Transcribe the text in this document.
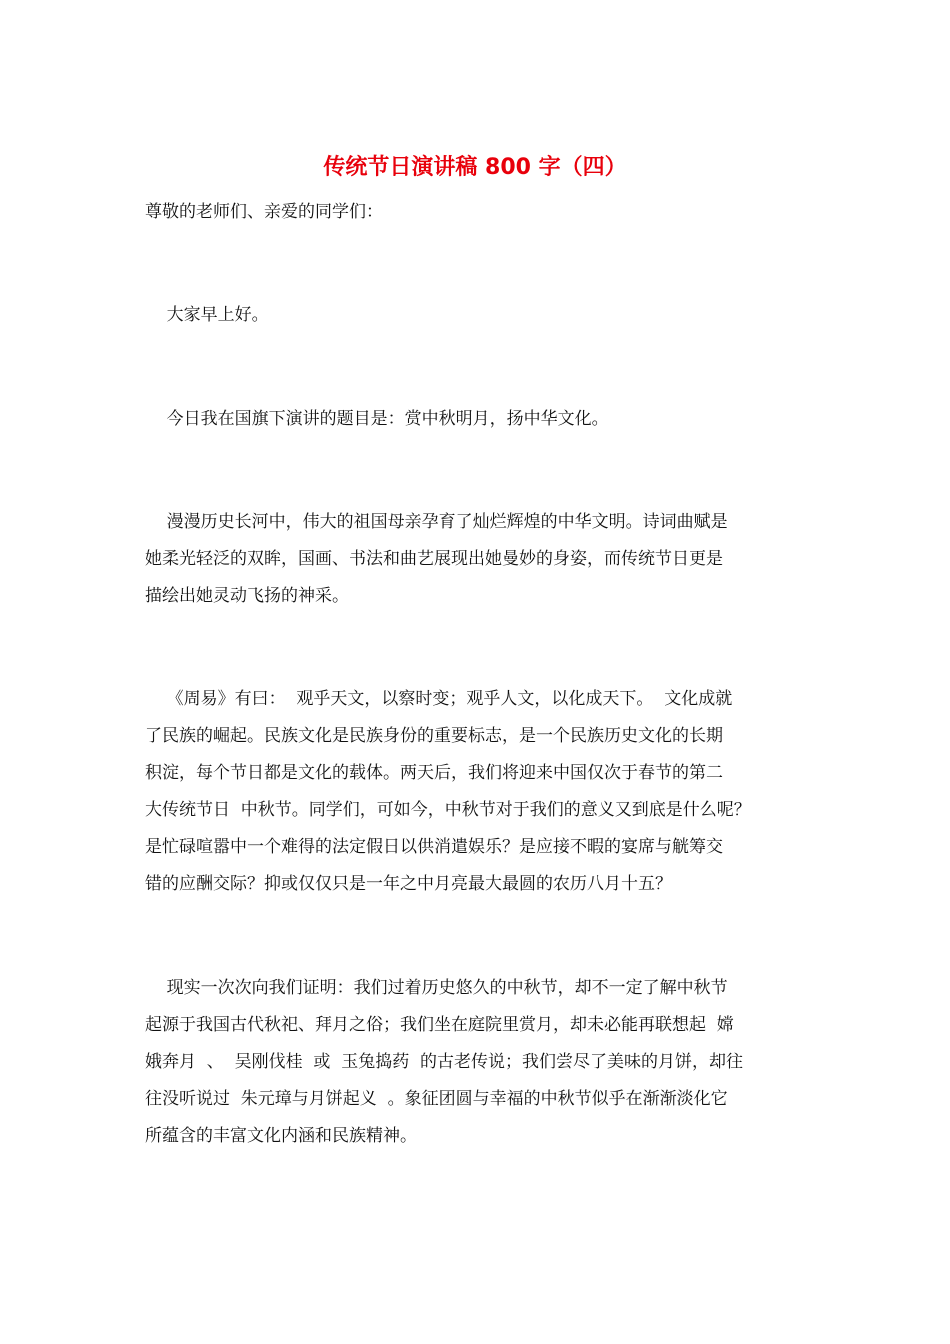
传统节日演讲稿 800 字（四）

尊敬的老师们、亲爱的同学们：

大家早上好。

今日我在国旗下演讲的题目是：赏中秋明月，扬中华文化。

漫漫历史长河中，伟大的祖国母亲孕育了灿烂辉煌的中华文明。诗词曲赋是

她柔光轻泛的双眸，国画、书法和曲艺展现出她曼妙的身姿，而传统节日更是

描绘出她灵动飞扬的神采。

《周易》有曰：  观乎天文，以察时变；观乎人文，以化成天下。  文化成就

了民族的崛起。民族文化是民族身份的重要标志，是一个民族历史文化的长期

积淀，每个节日都是文化的载体。两天后，我们将迎来中国仅次于春节的第二

大传统节日  中秋节。同学们，可如今，中秋节对于我们的意义又到底是什么呢？

是忙碌喧嚣中一个难得的法定假日以供消遣娱乐？是应接不暇的宴席与觥筹交

错的应酬交际？抑或仅仅只是一年之中月亮最大最圆的农历八月十五？

现实一次次向我们证明：我们过着历史悠久的中秋节，却不一定了解中秋节

起源于我国古代秋祀、拜月之俗；我们坐在庭院里赏月，却未必能再联想起  嫦

娥奔月  、  吴刚伐桂  或  玉兔捣药  的古老传说；我们尝尽了美味的月饼，却往

往没听说过  朱元璋与月饼起义  。象征团圆与幸福的中秋节似乎在渐渐淡化它

所蕴含的丰富文化内涵和民族精神。
